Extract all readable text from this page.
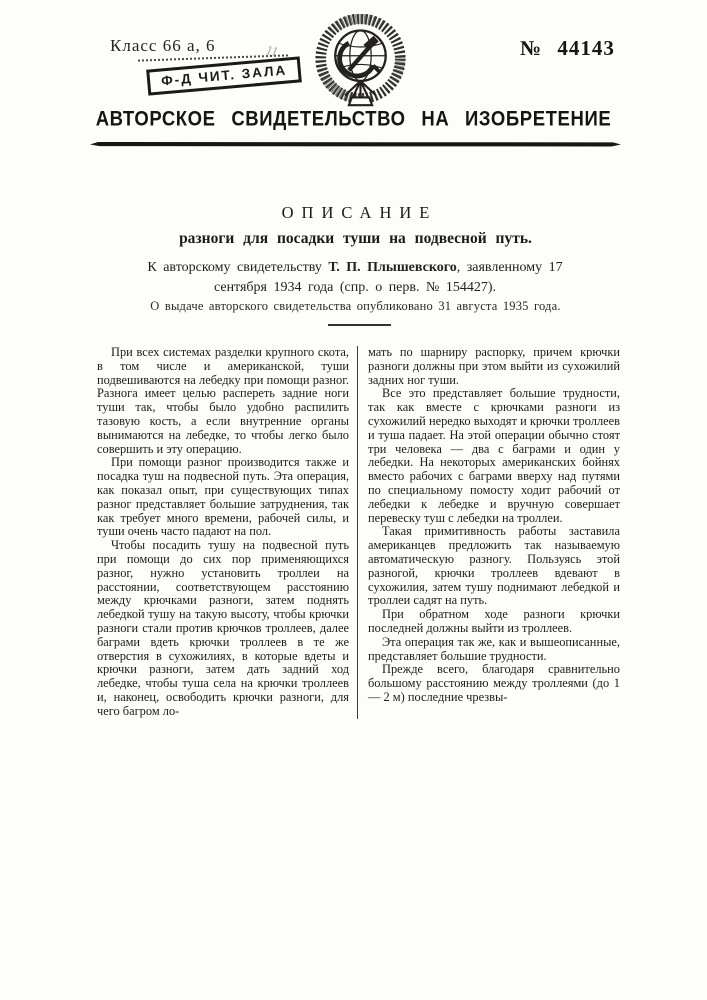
Класс 66 а, 6	11
Ф-Д ЧИТ. ЗАЛА
№ 44143
АВТОРСКОЕ СВИДЕТЕЛЬСТВО НА ИЗОБРЕТЕНИЕ
ОПИСАНИЕ
разноги для посадки туши на подвесной путь.
К авторскому свидетельству Т. П. Плышевского, заявленному 17 сентября 1934 года (спр. о перв. № 154427).
О выдаче авторского свидетельства опубликовано 31 августа 1935 года.

При всех системах разделки крупного скота, в том числе и американской, туши подвешиваются на лебедку при помощи разног. Разнога имеет целью распереть задние ноги туши так, чтобы было удобно распилить тазовую кость, а если внутренние органы вынимаются на лебедке, то чтобы легко было совершить и эту операцию.

При помощи разног производится также и посадка туш на подвесной путь. Эта операция, как показал опыт, при существующих типах разног представляет большие затруднения, так как требует много времени, рабочей силы, и туши очень часто падают на пол.

Чтобы посадить тушу на подвесной путь при помощи до сих пор применяющихся разног, нужно установить троллеи на расстоянии, соответствующем расстоянию между крючками разноги, затем поднять лебедкой тушу на такую высоту, чтобы крючки разноги стали против крючков троллеев, далее баграми вдеть крючки троллеев в те же отверстия в сухожилиях, в которые вдеты и крючки разноги, затем дать задний ход лебедке, чтобы туша села на крючки троллеев и, наконец, освободить крючки разноги, для чего багром ло-

мать по шарниру распорку, причем крючки разноги должны при этом выйти из сухожилий задних ног туши.

Все это представляет большие трудности, так как вместе с крючками разноги из сухожилий нередко выходят и крючки троллеев и туша падает. На этой операции обычно стоят три человека — два с баграми и один у лебедки. На некоторых американских бойнях вместо рабочих с баграми вверху над путями по специальному помосту ходит рабочий от лебедки к лебедке и вручную совершает перевеску туш с лебедки на троллеи.

Такая примитивность работы заставила американцев предложить так называемую автоматическую разногу. Пользуясь этой разногой, крючки троллеев вдевают в сухожилия, затем тушу поднимают лебедкой и троллеи садят на путь.

При обратном ходе разноги крючки последней должны выйти из троллеев.

Эта операция так же, как и вышеописанные, представляет большие трудности.

Прежде всего, благодаря сравнительно большому расстоянию между троллеями (до 1 — 2 м) последние чрезвы-
